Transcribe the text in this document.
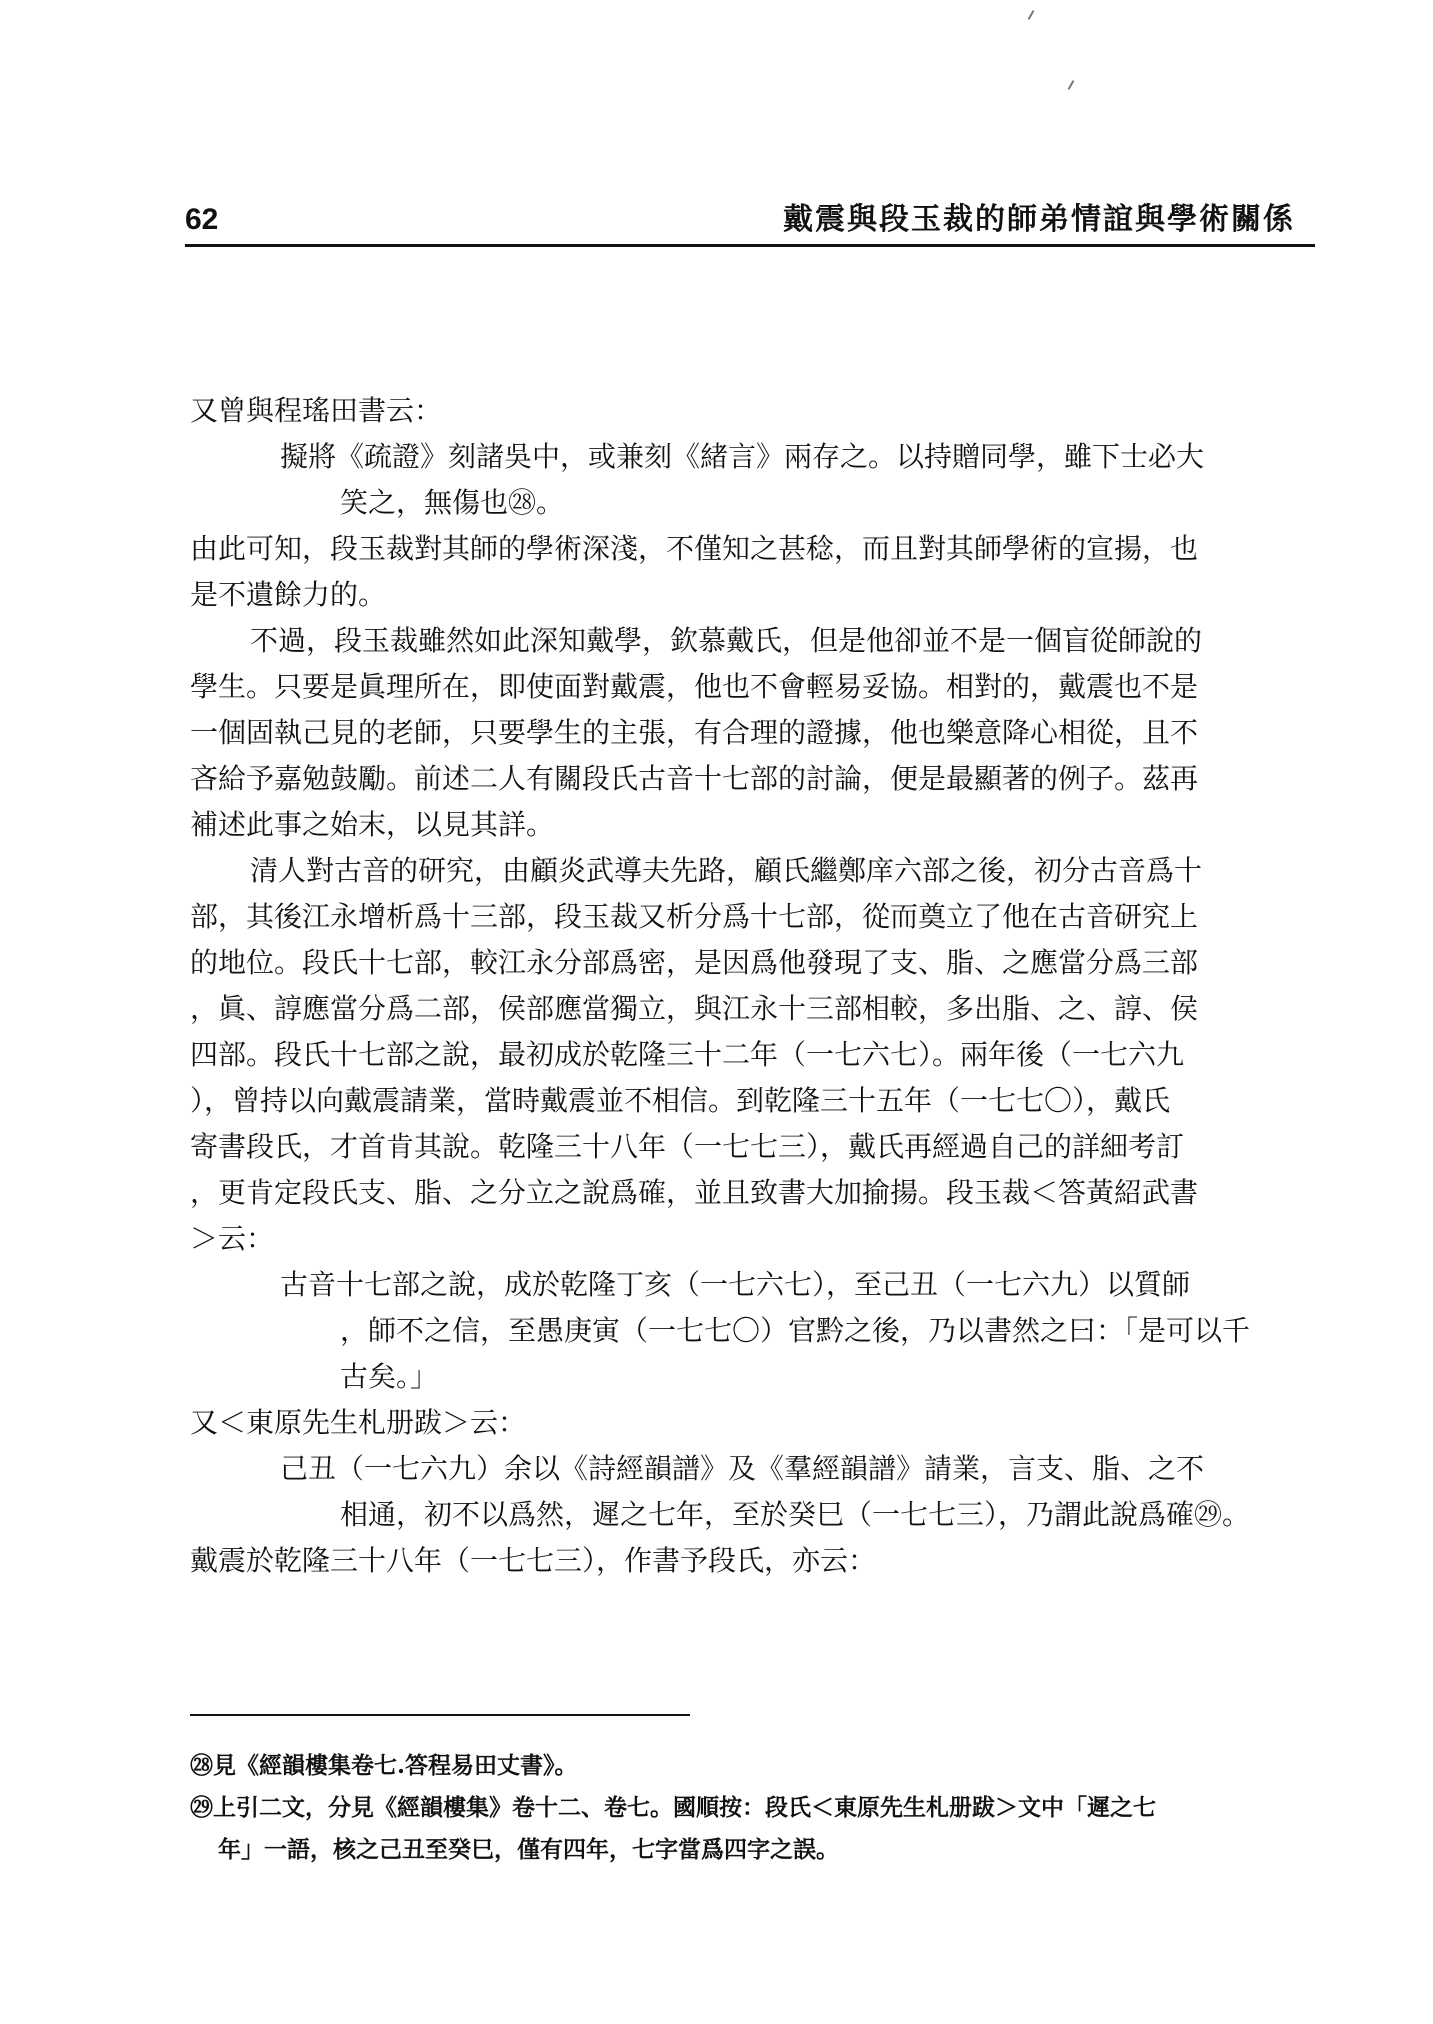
62	戴震與段玉裁的師弟情誼與學術關係

又曾與程瑤田書云：

擬將《疏證》刻諸吳中，或兼刻《緒言》兩存之。以持贈同學，雖下士必大

笑之，無傷也㉘。

由此可知，段玉裁對其師的學術深淺，不僅知之甚稔，而且對其師學術的宣揚，也

是不遺餘力的。

不過，段玉裁雖然如此深知戴學，欽慕戴氏，但是他卻並不是一個盲從師說的

學生。只要是眞理所在，即使面對戴震，他也不會輕易妥協。相對的，戴震也不是

一個固執己見的老師，只要學生的主張，有合理的證據，他也樂意降心相從，且不

吝給予嘉勉鼓勵。前述二人有關段氏古音十七部的討論，便是最顯著的例子。茲再

補述此事之始末，以見其詳。

清人對古音的研究，由顧炎武導夫先路，顧氏繼鄭庠六部之後，初分古音爲十

部，其後江永增析爲十三部，段玉裁又析分爲十七部，從而奠立了他在古音研究上

的地位。段氏十七部，較江永分部爲密，是因爲他發現了支、脂、之應當分爲三部

，眞、諄應當分爲二部，侯部應當獨立，與江永十三部相較，多出脂、之、諄、侯

四部。段氏十七部之說，最初成於乾隆三十二年（一七六七）。兩年後（一七六九

），曾持以向戴震請業，當時戴震並不相信。到乾隆三十五年（一七七〇），戴氏

寄書段氏，才首肯其說。乾隆三十八年（一七七三），戴氏再經過自己的詳細考訂

，更肯定段氏支、脂、之分立之說爲確，並且致書大加揄揚。段玉裁＜答黃紹武書

＞云：

古音十七部之說，成於乾隆丁亥（一七六七），至己丑（一七六九）以質師

，師不之信，至愚庚寅（一七七〇）官黔之後，乃以書然之曰：「是可以千

古矣。」

又＜東原先生札册跋＞云：

己丑（一七六九）余以《詩經韻譜》及《羣經韻譜》請業，言支、脂、之不

相通，初不以爲然，遲之七年，至於癸巳（一七七三），乃謂此說爲確㉙。

戴震於乾隆三十八年（一七七三），作書予段氏，亦云：

㉘見《經韻樓集卷七.答程易田丈書》。

㉙上引二文，分見《經韻樓集》卷十二、卷七。國順按：段氏＜東原先生札册跋＞文中「遲之七

年」一語，核之己丑至癸巳，僅有四年，七字當爲四字之誤。
